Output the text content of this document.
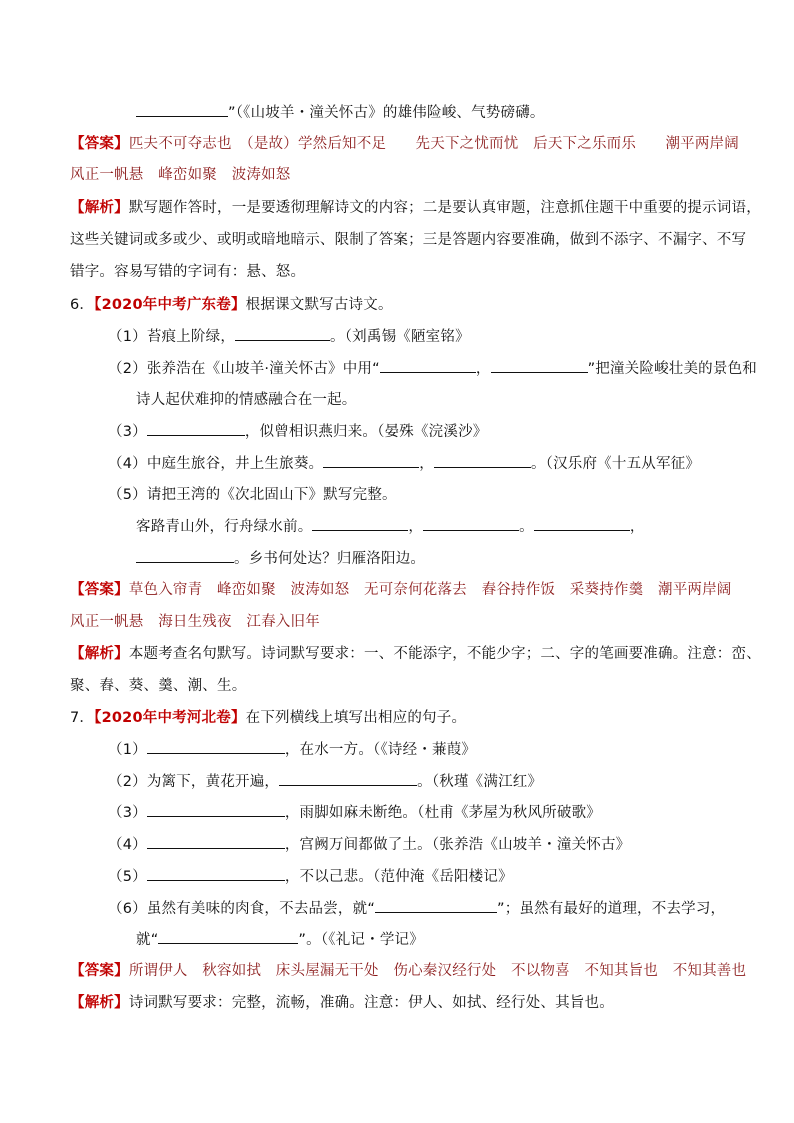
”（《山坡羊・潼关怀古》的雄伟险峻、气势磅礴。
【答案】匹夫不可夺志也　（是故）学然后知不足　　先天下之忧而忧　后天下之乐而乐　　潮平两岸阔
风正一帆悬　峰峦如聚　波涛如怒
【解析】默写题作答时，一是要透彻理解诗文的内容；二是要认真审题，注意抓住题干中重要的提示词语，
这些关键词或多或少、或明或暗地暗示、限制了答案；三是答题内容要准确，做到不添字、不漏字、不写
错字。容易写错的字词有：悬、怒。
6．【2020年中考广东卷】根据课文默写古诗文。
（1）苔痕上阶绿，	。（刘禹锡《陋室铭》
（2）张养浩在《山坡羊·潼关怀古》中用“	，	”把潼关险峻壮美的景色和
诗人起伏难抑的情感融合在一起。
（3）	，似曾相识燕归来。（晏殊《浣溪沙》
（4）中庭生旅谷，井上生旅葵。	，	。（汉乐府《十五从军征》
（5）请把王湾的《次北固山下》默写完整。
客路青山外，行舟绿水前。	，	。	，
。乡书何处达？归雁洛阳边。
【答案】草色入帘青　峰峦如聚　波涛如怒　无可奈何花落去　舂谷持作饭　采葵持作羹　潮平两岸阔
风正一帆悬　海日生残夜　江春入旧年
【解析】本题考查名句默写。诗词默写要求：一、不能添字，不能少字；二、字的笔画要准确。注意：峦、
聚、舂、葵、羹、潮、生。
7．【2020年中考河北卷】在下列横线上填写出相应的句子。
（1）	，在水一方。（《诗经・蒹葭》
（2）为篱下，黄花开遍，	。（秋瑾《满江红》
（3）	，雨脚如麻未断绝。（杜甫《茅屋为秋风所破歌》
（4）	，宫阙万间都做了土。（张养浩《山坡羊・潼关怀古》
（5）	，不以己悲。（范仲淹《岳阳楼记》
（6）虽然有美味的肉食，不去品尝，就“	”；虽然有最好的道理，不去学习，
就“	”。（《礼记・学记》
【答案】所谓伊人　秋容如拭　床头屋漏无干处　伤心秦汉经行处　不以物喜　不知其旨也　不知其善也
【解析】诗词默写要求：完整，流畅，准确。注意：伊人、如拭、经行处、其旨也。
